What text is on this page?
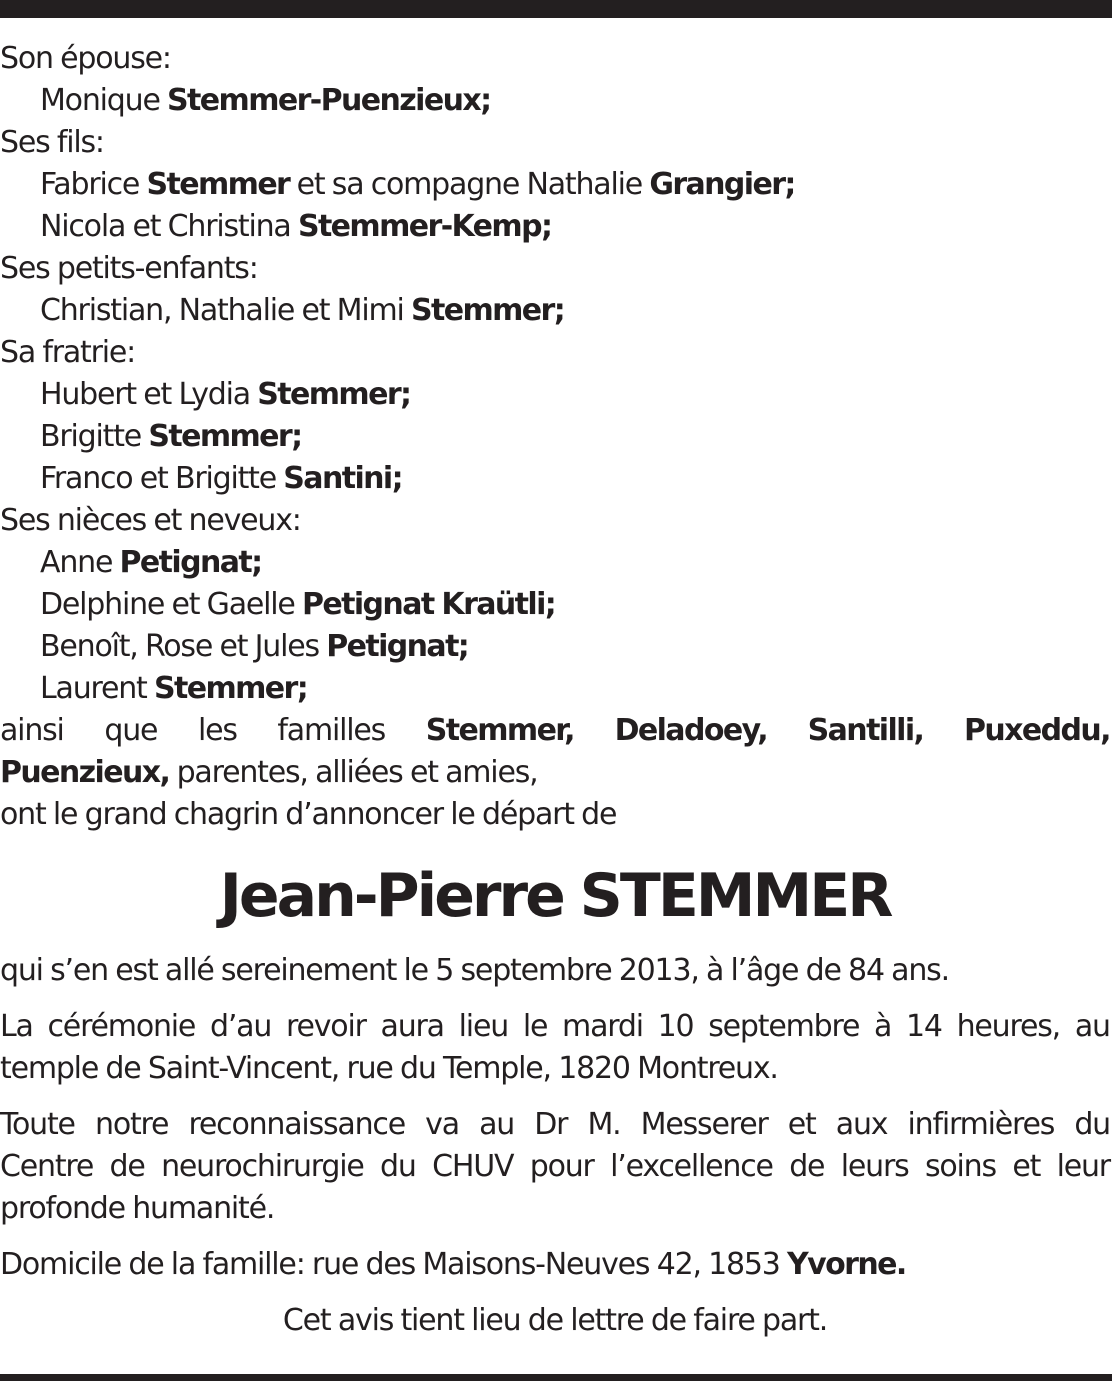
Son épouse:
Monique Stemmer-Puenzieux;
Ses fils:
Fabrice Stemmer et sa compagne Nathalie Grangier;
Nicola et Christina Stemmer-Kemp;
Ses petits-enfants:
Christian, Nathalie et Mimi Stemmer;
Sa fratrie:
Hubert et Lydia Stemmer;
Brigitte Stemmer;
Franco et Brigitte Santini;
Ses nièces et neveux:
Anne Petignat;
Delphine et Gaelle Petignat Kraütli;
Benoît, Rose et Jules Petignat;
Laurent Stemmer;
ainsi que les familles Stemmer, Deladoey, Santilli, Puxeddu,
Puenzieux, parentes, alliées et amies,
ont le grand chagrin d’annoncer le départ de
Jean-Pierre STEMMER
qui s’en est allé sereinement le 5 septembre 2013, à l’âge de 84 ans.
La cérémonie d’au revoir aura lieu le mardi 10 septembre à 14 heures, au
temple de Saint-Vincent, rue du Temple, 1820 Montreux.
Toute notre reconnaissance va au Dr M. Messerer et aux infirmières du
Centre de neurochirurgie du CHUV pour l’excellence de leurs soins et leur
profonde humanité.
Domicile de la famille: rue des Maisons-Neuves 42, 1853 Yvorne.
Cet avis tient lieu de lettre de faire part.
